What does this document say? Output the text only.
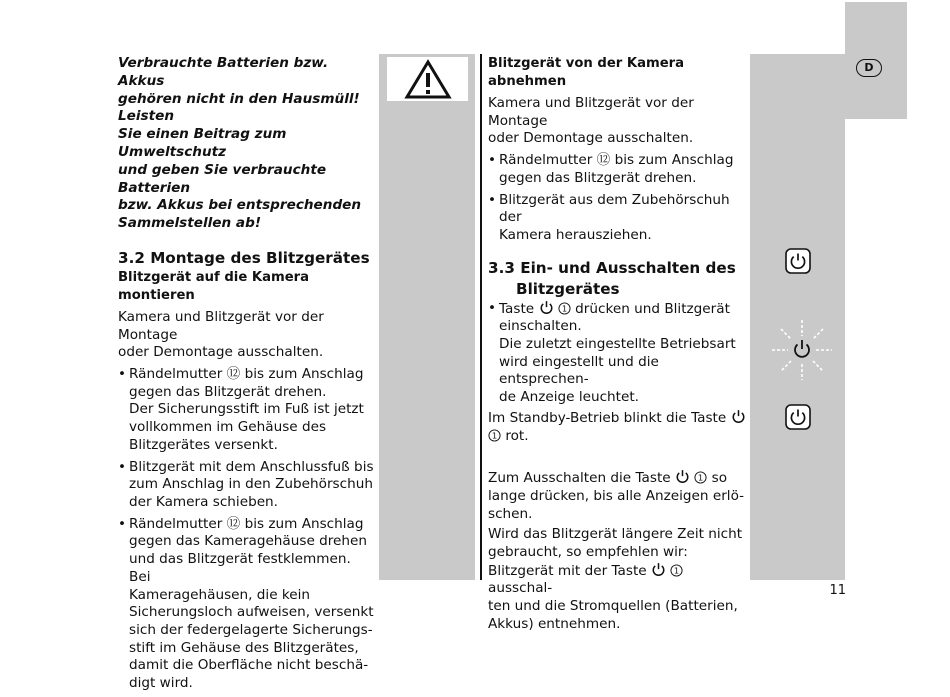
D

Verbrauchte Batterien bzw. Akkus

gehören nicht in den Hausmüll! Leisten

Sie einen Beitrag zum Umweltschutz

und geben Sie verbrauchte Batterien

bzw. Akkus bei entsprechenden

Sammelstellen ab!

3.2 Montage des Blitzgerätes
Blitzgerät auf die Kamera montieren

Kamera und Blitzgerät vor der Montage

oder Demontage ausschalten.

• Rändelmutter ⑫ bis zum Anschlag

gegen das Blitzgerät drehen.

Der Sicherungsstift im Fuß ist jetzt

vollkommen im Gehäuse des

Blitzgerätes versenkt.

• Blitzgerät mit dem Anschlussfuß bis

zum Anschlag in den Zubehörschuh

der Kamera schieben.

• Rändelmutter ⑫ bis zum Anschlag

gegen das Kameragehäuse drehen

und das Blitzgerät festklemmen. Bei

Kameragehäusen, die kein

Sicherungsloch aufweisen, versenkt

sich der federgelagerte Sicherungs-

stift im Gehäuse des Blitzgerätes,

damit die Oberfläche nicht beschä-

digt wird.

Blitzgerät von der Kamera abnehmen

Kamera und Blitzgerät vor der Montage

oder Demontage ausschalten.

• Rändelmutter ⑫ bis zum Anschlag

gegen das Blitzgerät drehen.

• Blitzgerät aus dem Zubehörschuh der

Kamera herausziehen.

3.3 Ein- und Ausschalten des
Blitzgerätes

• Taste	1 drücken und Blitzgerät

einschalten.

Die zuletzt eingestellte Betriebsart

wird eingestellt und die entsprechen-

de Anzeige leuchtet.

Im Standby-Betrieb blinkt die Taste

1 rot.

Zum Ausschalten die Taste	1 so

lange drücken, bis alle Anzeigen erlö-

schen.

Wird das Blitzgerät längere Zeit nicht

gebraucht, so empfehlen wir:

Blitzgerät mit der Taste	1
ausschal-

ten und die Stromquellen (Batterien,

Akkus) entnehmen.

11
